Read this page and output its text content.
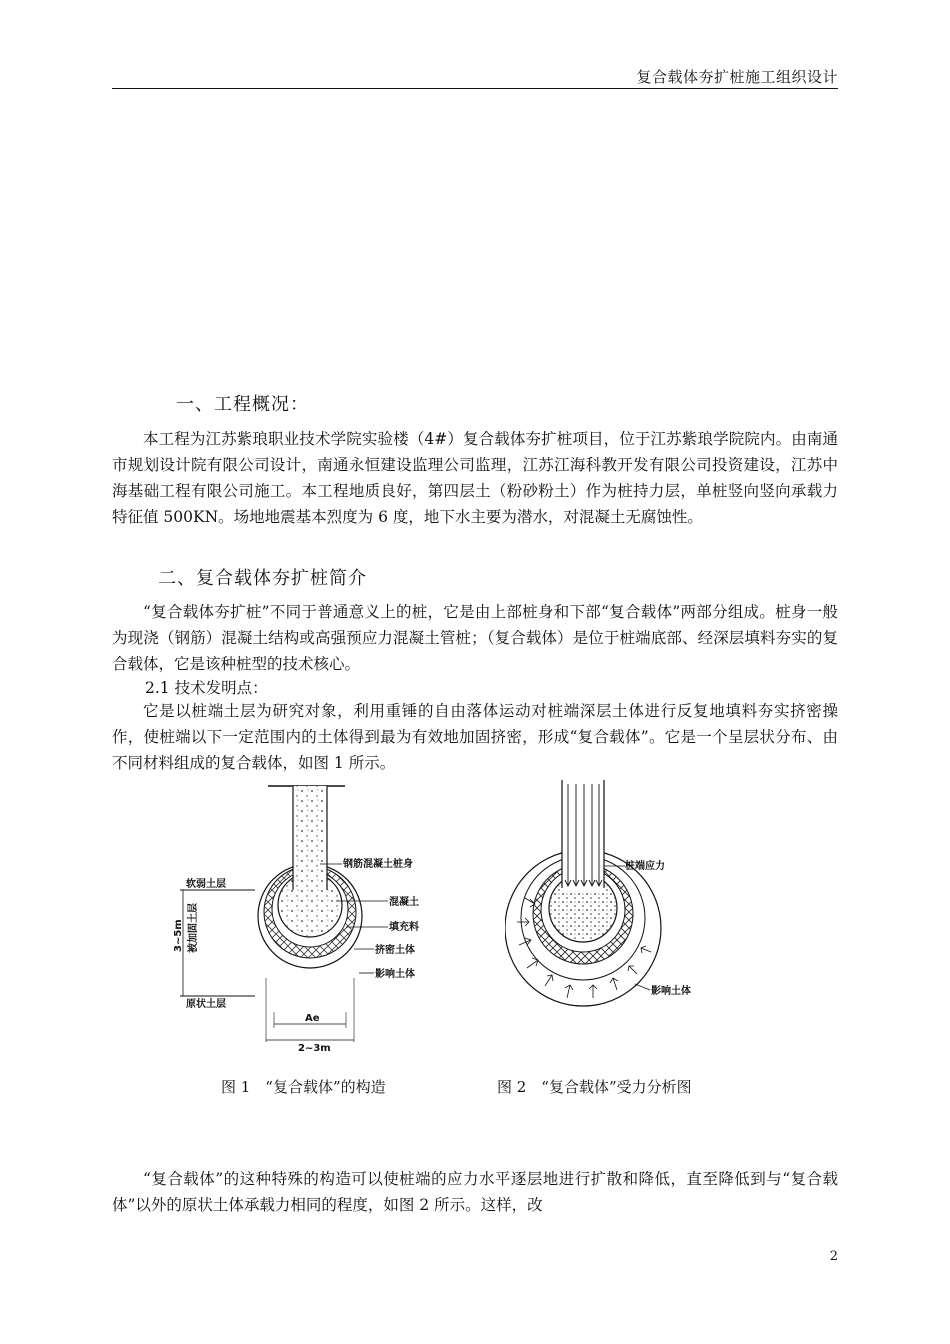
复合载体夯扩桩施工组织设计
一、工程概况：

本工程为江苏紫琅职业技术学院实验楼（4#）复合载体夯扩桩项目，位于江苏紫琅学院院内。由南通市规划设计院有限公司设计，南通永恒建设监理公司监理，江苏江海科教开发有限公司投资建设，江苏中海基础工程有限公司施工。本工程地质良好，第四层土（粉砂粉土）作为桩持力层，单桩竖向竖向承载力特征值 500KN。场地地震基本烈度为 6 度，地下水主要为潜水，对混凝土无腐蚀性。

二、复合载体夯扩桩简介

“复合载体夯扩桩”不同于普通意义上的桩，它是由上部桩身和下部“复合载体”两部分组成。桩身一般为现浇（钢筋）混凝土结构或高强预应力混凝土管桩；（复合载体）是位于桩端底部、经深层填料夯实的复合载体，它是该种桩型的技术核心。

2.1 技术发明点：

它是以桩端土层为研究对象，利用重锤的自由落体运动对桩端深层土体进行反复地填料夯实挤密操作，使桩端以下一定范围内的土体得到最为有效地加固挤密，形成“复合载体”。它是一个呈层状分布、由不同材料组成的复合载体，如图 1 所示。

3~5m 被加固土层
软弱土层
原状土层
钢筋混凝土桩身
混凝土
填充料
挤密土体
影响土体
Ae
2~3m
桩端应力
影响土体
图 1　“复合载体”的构造	图 2　“复合载体”受力分析图

“复合载体”的这种特殊的构造可以使桩端的应力水平逐层地进行扩散和降低，直至降低到与“复合载体”以外的原状土体承载力相同的程度，如图 2 所示。这样，改

2
